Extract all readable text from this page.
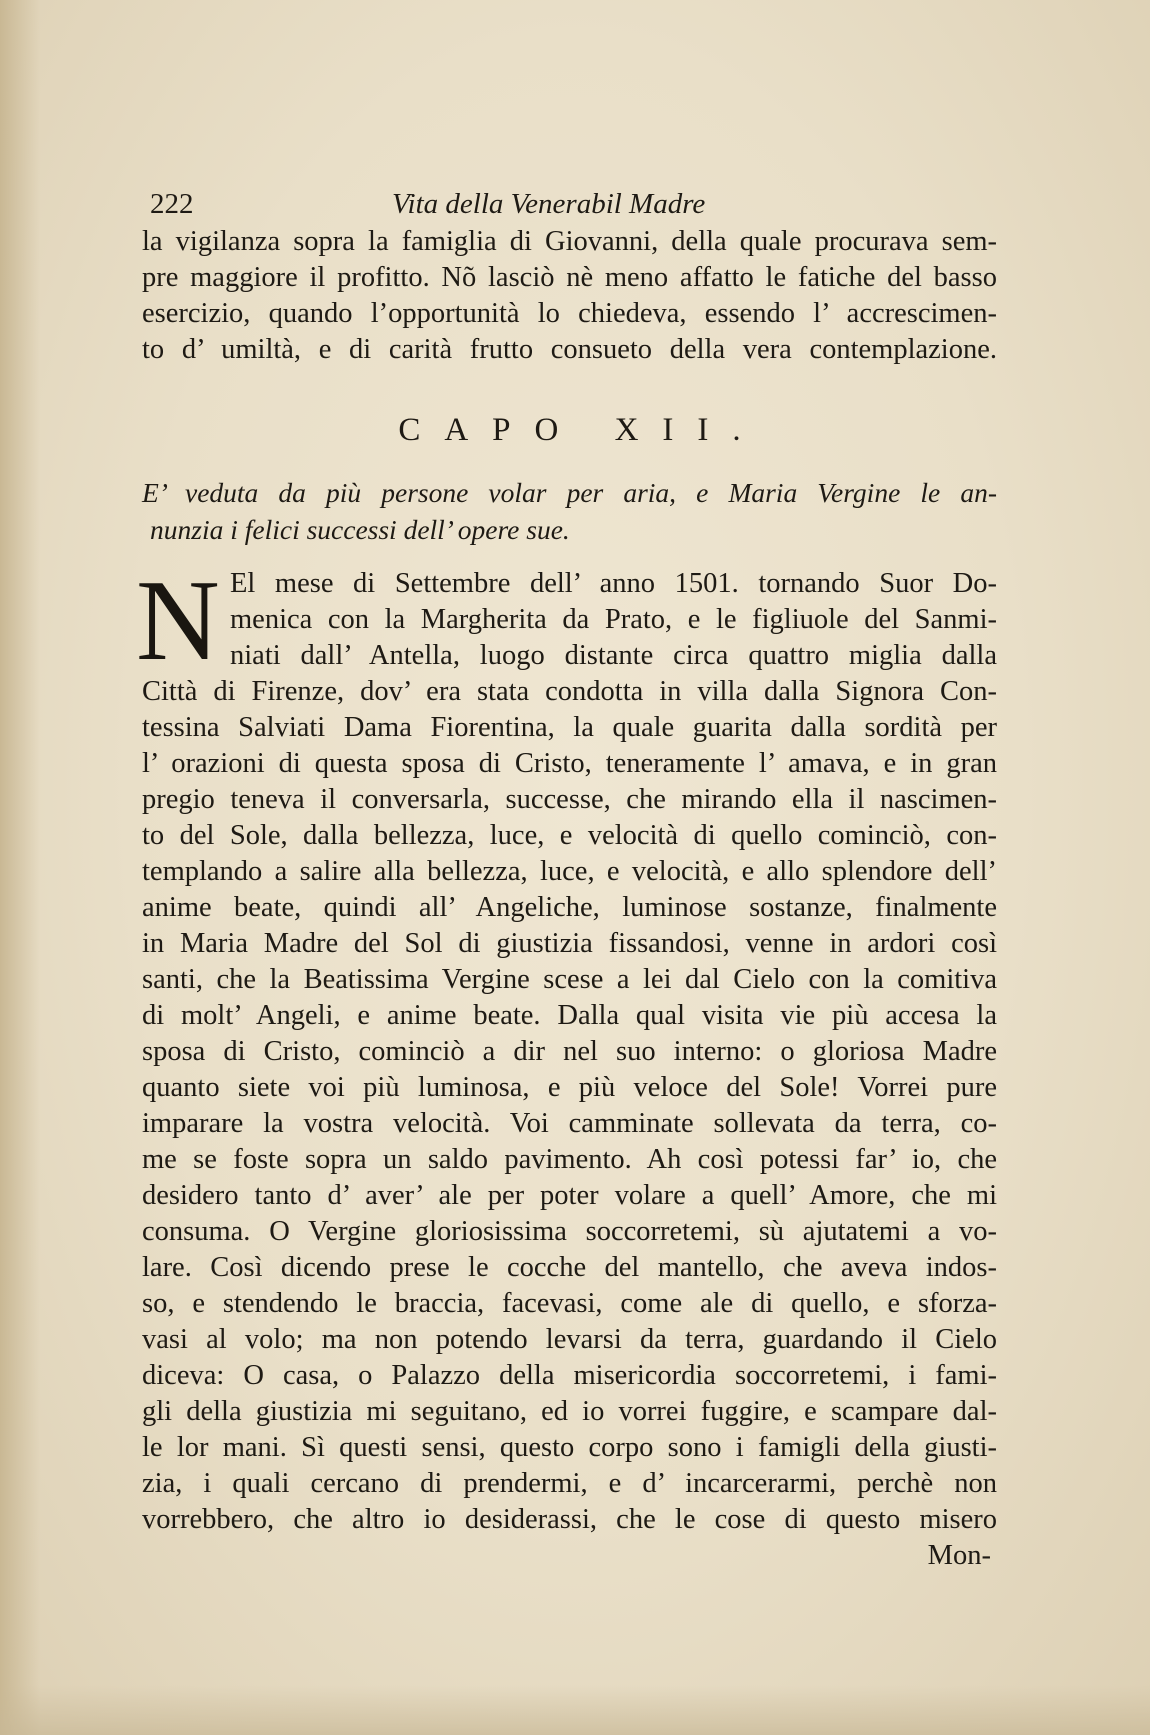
222	Vita della Venerabil Madre
la vigilanza sopra la famiglia di Giovanni, della quale procurava sem-
pre maggiore il profitto. Nõ lasciò nè meno affatto le fatiche del basso
esercizio, quando l’opportunità lo chiedeva, essendo l’ accrescimen-
to d’ umiltà, e di carità frutto consueto della vera contemplazione.
CAPO XII.
E’ veduta da più persone volar per aria, e Maria Vergine le an-
nunzia i felici successi dell’ opere sue.
N El mese di Settembre dell’ anno 1501. tornando Suor Do-
menica con la Margherita da Prato, e le figliuole del Sanmi-
niati dall’ Antella, luogo distante circa quattro miglia dalla
Città di Firenze, dov’ era stata condotta in villa dalla Signora Con-
tessina Salviati Dama Fiorentina, la quale guarita dalla sordità per
l’ orazioni di questa sposa di Cristo, teneramente l’ amava, e in gran
pregio teneva il conversarla, successe, che mirando ella il nascimen-
to del Sole, dalla bellezza, luce, e velocità di quello cominciò, con-
templando a salire alla bellezza, luce, e velocità, e allo splendore dell’
anime beate, quindi all’ Angeliche, luminose sostanze, finalmente
in Maria Madre del Sol di giustizia fissandosi, venne in ardori così
santi, che la Beatissima Vergine scese a lei dal Cielo con la comitiva
di molt’ Angeli, e anime beate. Dalla qual visita vie più accesa la
sposa di Cristo, cominciò a dir nel suo interno: o gloriosa Madre
quanto siete voi più luminosa, e più veloce del Sole! Vorrei pure
imparare la vostra velocità. Voi camminate sollevata da terra, co-
me se foste sopra un saldo pavimento. Ah così potessi far’ io, che
desidero tanto d’ aver’ ale per poter volare a quell’ Amore, che mi
consuma. O Vergine gloriosissima soccorretemi, sù ajutatemi a vo-
lare. Così dicendo prese le cocche del mantello, che aveva indos-
so, e stendendo le braccia, facevasi, come ale di quello, e sforza-
vasi al volo; ma non potendo levarsi da terra, guardando il Cielo
diceva: O casa, o Palazzo della misericordia soccorretemi, i fami-
gli della giustizia mi seguitano, ed io vorrei fuggire, e scampare dal-
le lor mani. Sì questi sensi, questo corpo sono i famigli della giusti-
zia, i quali cercano di prendermi, e d’ incarcerarmi, perchè non
vorrebbero, che altro io desiderassi, che le cose di questo misero
Mon-
